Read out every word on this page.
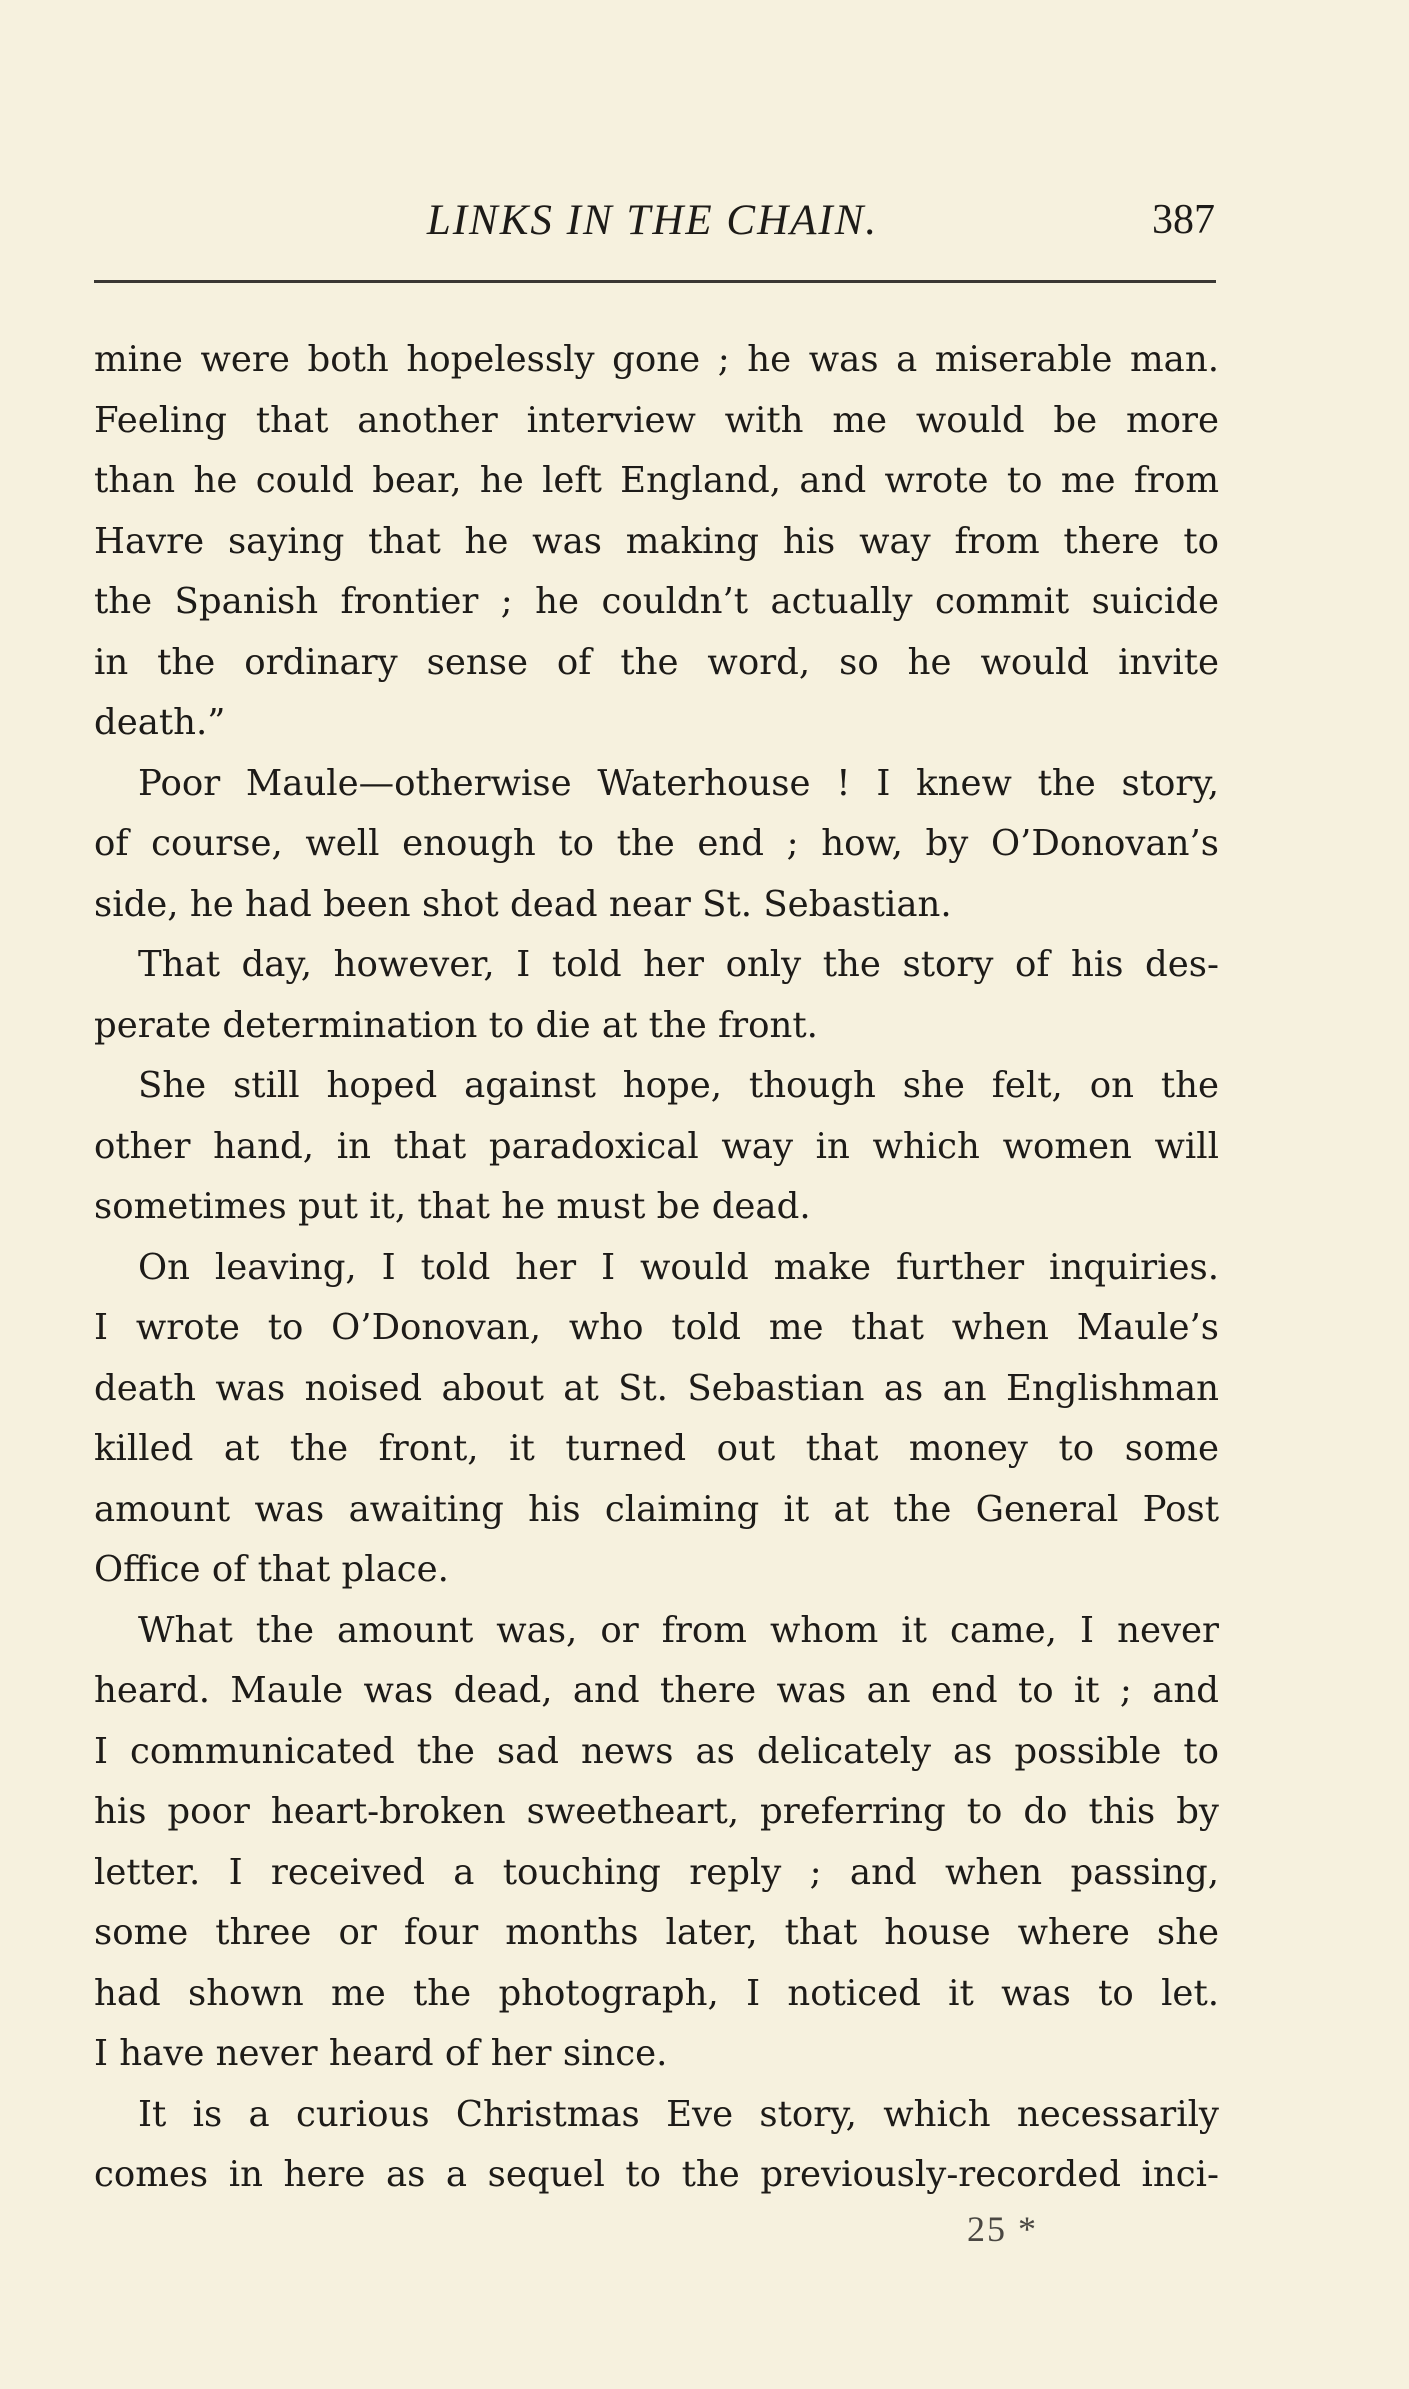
LINKS IN THE CHAIN.	387
mine were both hopelessly gone ; he was a miserable man.
Feeling that another interview with me would be more
than he could bear, he left England, and wrote to me from
Havre saying that he was making his way from there to
the Spanish frontier ; he couldn’t actually commit suicide
in the ordinary sense of the word, so he would invite
death.”
Poor Maule—otherwise Waterhouse ! I knew the story,
of course, well enough to the end ; how, by O’Donovan’s
side, he had been shot dead near St. Sebastian.
That day, however, I told her only the story of his des-
perate determination to die at the front.
She still hoped against hope, though she felt, on the
other hand, in that paradoxical way in which women will
sometimes put it, that he must be dead.
On leaving, I told her I would make further inquiries.
I wrote to O’Donovan, who told me that when Maule’s
death was noised about at St. Sebastian as an Englishman
killed at the front, it turned out that money to some
amount was awaiting his claiming it at the General Post
Office of that place.
What the amount was, or from whom it came, I never
heard. Maule was dead, and there was an end to it ; and
I communicated the sad news as delicately as possible to
his poor heart-broken sweetheart, preferring to do this by
letter. I received a touching reply ; and when passing,
some three or four months later, that house where she
had shown me the photograph, I noticed it was to let.
I have never heard of her since.
It is a curious Christmas Eve story, which necessarily
comes in here as a sequel to the previously-recorded inci-
25 *
